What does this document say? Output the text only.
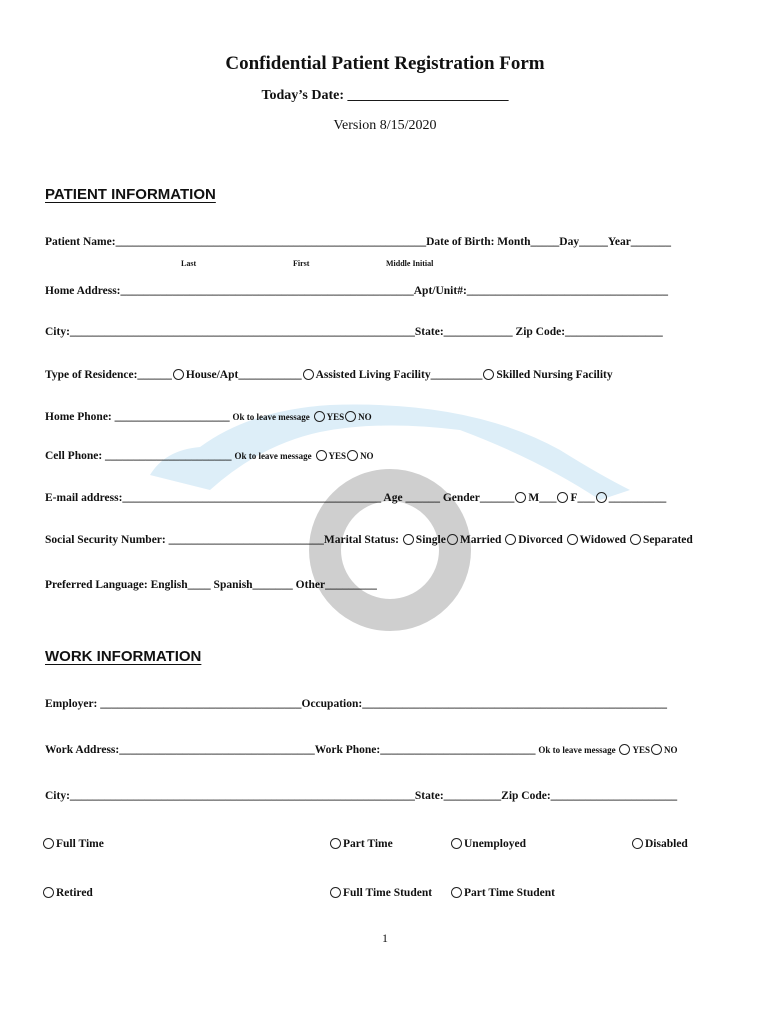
Confidential Patient Registration Form
Today’s Date: _______________________
Version 8/15/2020
PATIENT INFORMATION
Patient Name:______________________________________________________Date of Birth: Month_____Day_____Year_______
Last	First	Middle Initial
Home Address:___________________________________________________Apt/Unit#:___________________________________
City:____________________________________________________________State:____________ Zip Code:_________________
Type of Residence:______ House/Apt___________ Assisted Living Facility_________ Skilled Nursing Facility
Home Phone: ____________________ Ok to leave message YES NO
Cell Phone: ______________________ Ok to leave message YES NO
E-mail address:_____________________________________________ Age ______ Gender______ M___ F___ __________
Social Security Number: ___________________________Marital Status: Single Married Divorced Widowed Separated
Preferred Language: English____ Spanish_______ Other_________
WORK INFORMATION
Employer: ___________________________________Occupation:_____________________________________________________
Work Address:__________________________________Work Phone:___________________________ Ok to leave message YES NO
City:____________________________________________________________State:__________Zip Code:______________________
Full Time	Part Time	Unemployed	Disabled
Retired	Full Time Student	Part Time Student
1
